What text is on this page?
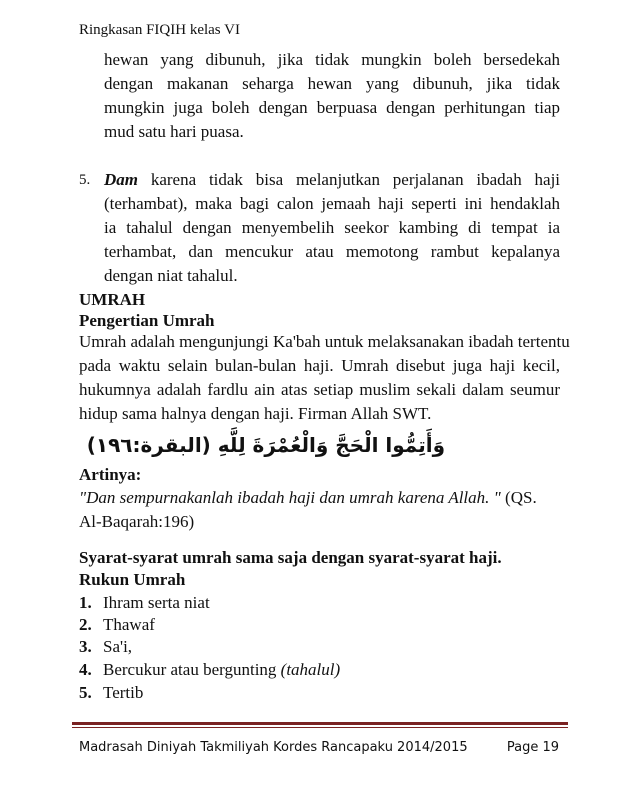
Ringkasan FIQIH kelas VI
hewan yang dibunuh, jika tidak mungkin boleh bersedekah
dengan makanan seharga hewan yang dibunuh, jika tidak
mungkin juga boleh dengan berpuasa dengan perhitungan tiap
mud satu hari puasa.
5. Dam karena tidak bisa melanjutkan perjalanan ibadah haji
(terhambat), maka bagi calon jemaah haji seperti ini hendaklah
ia tahalul dengan menyembelih seekor kambing di tempat ia
terhambat, dan mencukur atau memotong rambut kepalanya
dengan niat tahalul.
UMRAH
Pengertian Umrah
Umrah adalah mengunjungi Ka'bah untuk melaksanakan ibadah tertentu
pada waktu selain bulan-bulan haji. Umrah disebut juga haji kecil,
hukumnya adalah fardlu ain atas setiap muslim sekali dalam seumur
hidup sama halnya dengan haji. Firman Allah SWT.
وَأَتِمُّوا الْحَجَّ وَالْعُمْرَةَ لِلَّهِ (البقرة:١٩٦)
Artinya:
"Dan sempurnakanlah ibadah haji dan umrah karena Allah. " (QS. Al-Baqarah:196)
Syarat-syarat umrah sama saja dengan syarat-syarat haji.
Rukun Umrah
1. Ihram serta niat
2. Thawaf
3. Sa'i,
4. Bercukur atau bergunting (tahalul)
5. Tertib
Madrasah Diniyah Takmiliyah Kordes Rancapaku 2014/2015	Page 19
